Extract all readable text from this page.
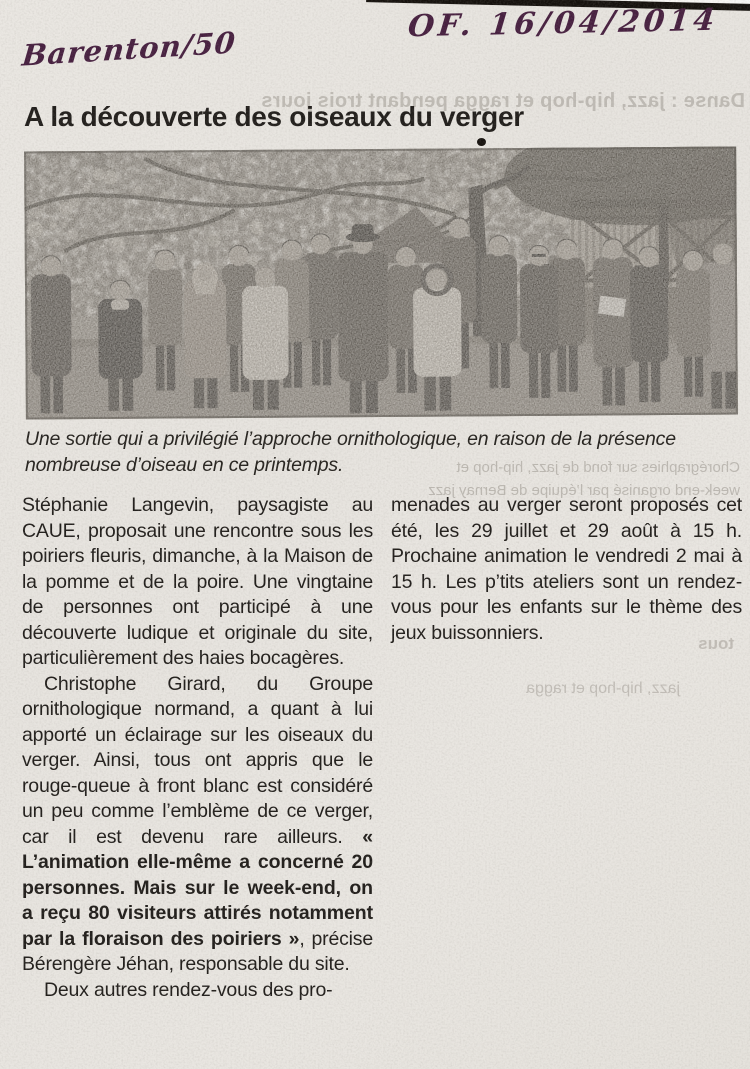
OF. 16/04/2014
Barenton/50
Danse : jazz, hip-hop et ragga pendant trois jours
A la découverte des oiseaux du verger
Une sortie qui a privilégié l’approche ornithologique, en raison de la présence nombreuse d’oiseau en ce printemps.	Chorégraphies sur fond de jazz, hip-hop et
week-end organisé par l’équipe de Bernay jazz

Stéphanie Langevin, paysagiste au CAUE, proposait une rencontre sous les poiriers fleuris, dimanche, à la Maison de la pomme et de la poire. Une vingtaine de personnes ont participé à une découverte ludique et originale du site, particulièrement des haies bocagères.

Christophe Girard, du Groupe ornithologique normand, a quant à lui apporté un éclairage sur les oiseaux du verger. Ainsi, tous ont appris que le rouge-queue à front blanc est considéré un peu comme l’emblème de ce verger, car il est devenu rare ailleurs. « L’animation elle-même a concerné 20 personnes. Mais sur le week-end, on a reçu 80 visiteurs attirés notamment par la floraison des poiriers », précise Bérengère Jéhan, responsable du site.

Deux autres rendez-vous des pro-

menades au verger seront proposés cet été, les 29 juillet et 29 août à 15 h. Prochaine animation le vendredi 2 mai à 15 h. Les p’tits ateliers sont un rendez-vous pour les enfants sur le thème des jeux buissonniers.	tous
jazz, hip-hop et ragga
